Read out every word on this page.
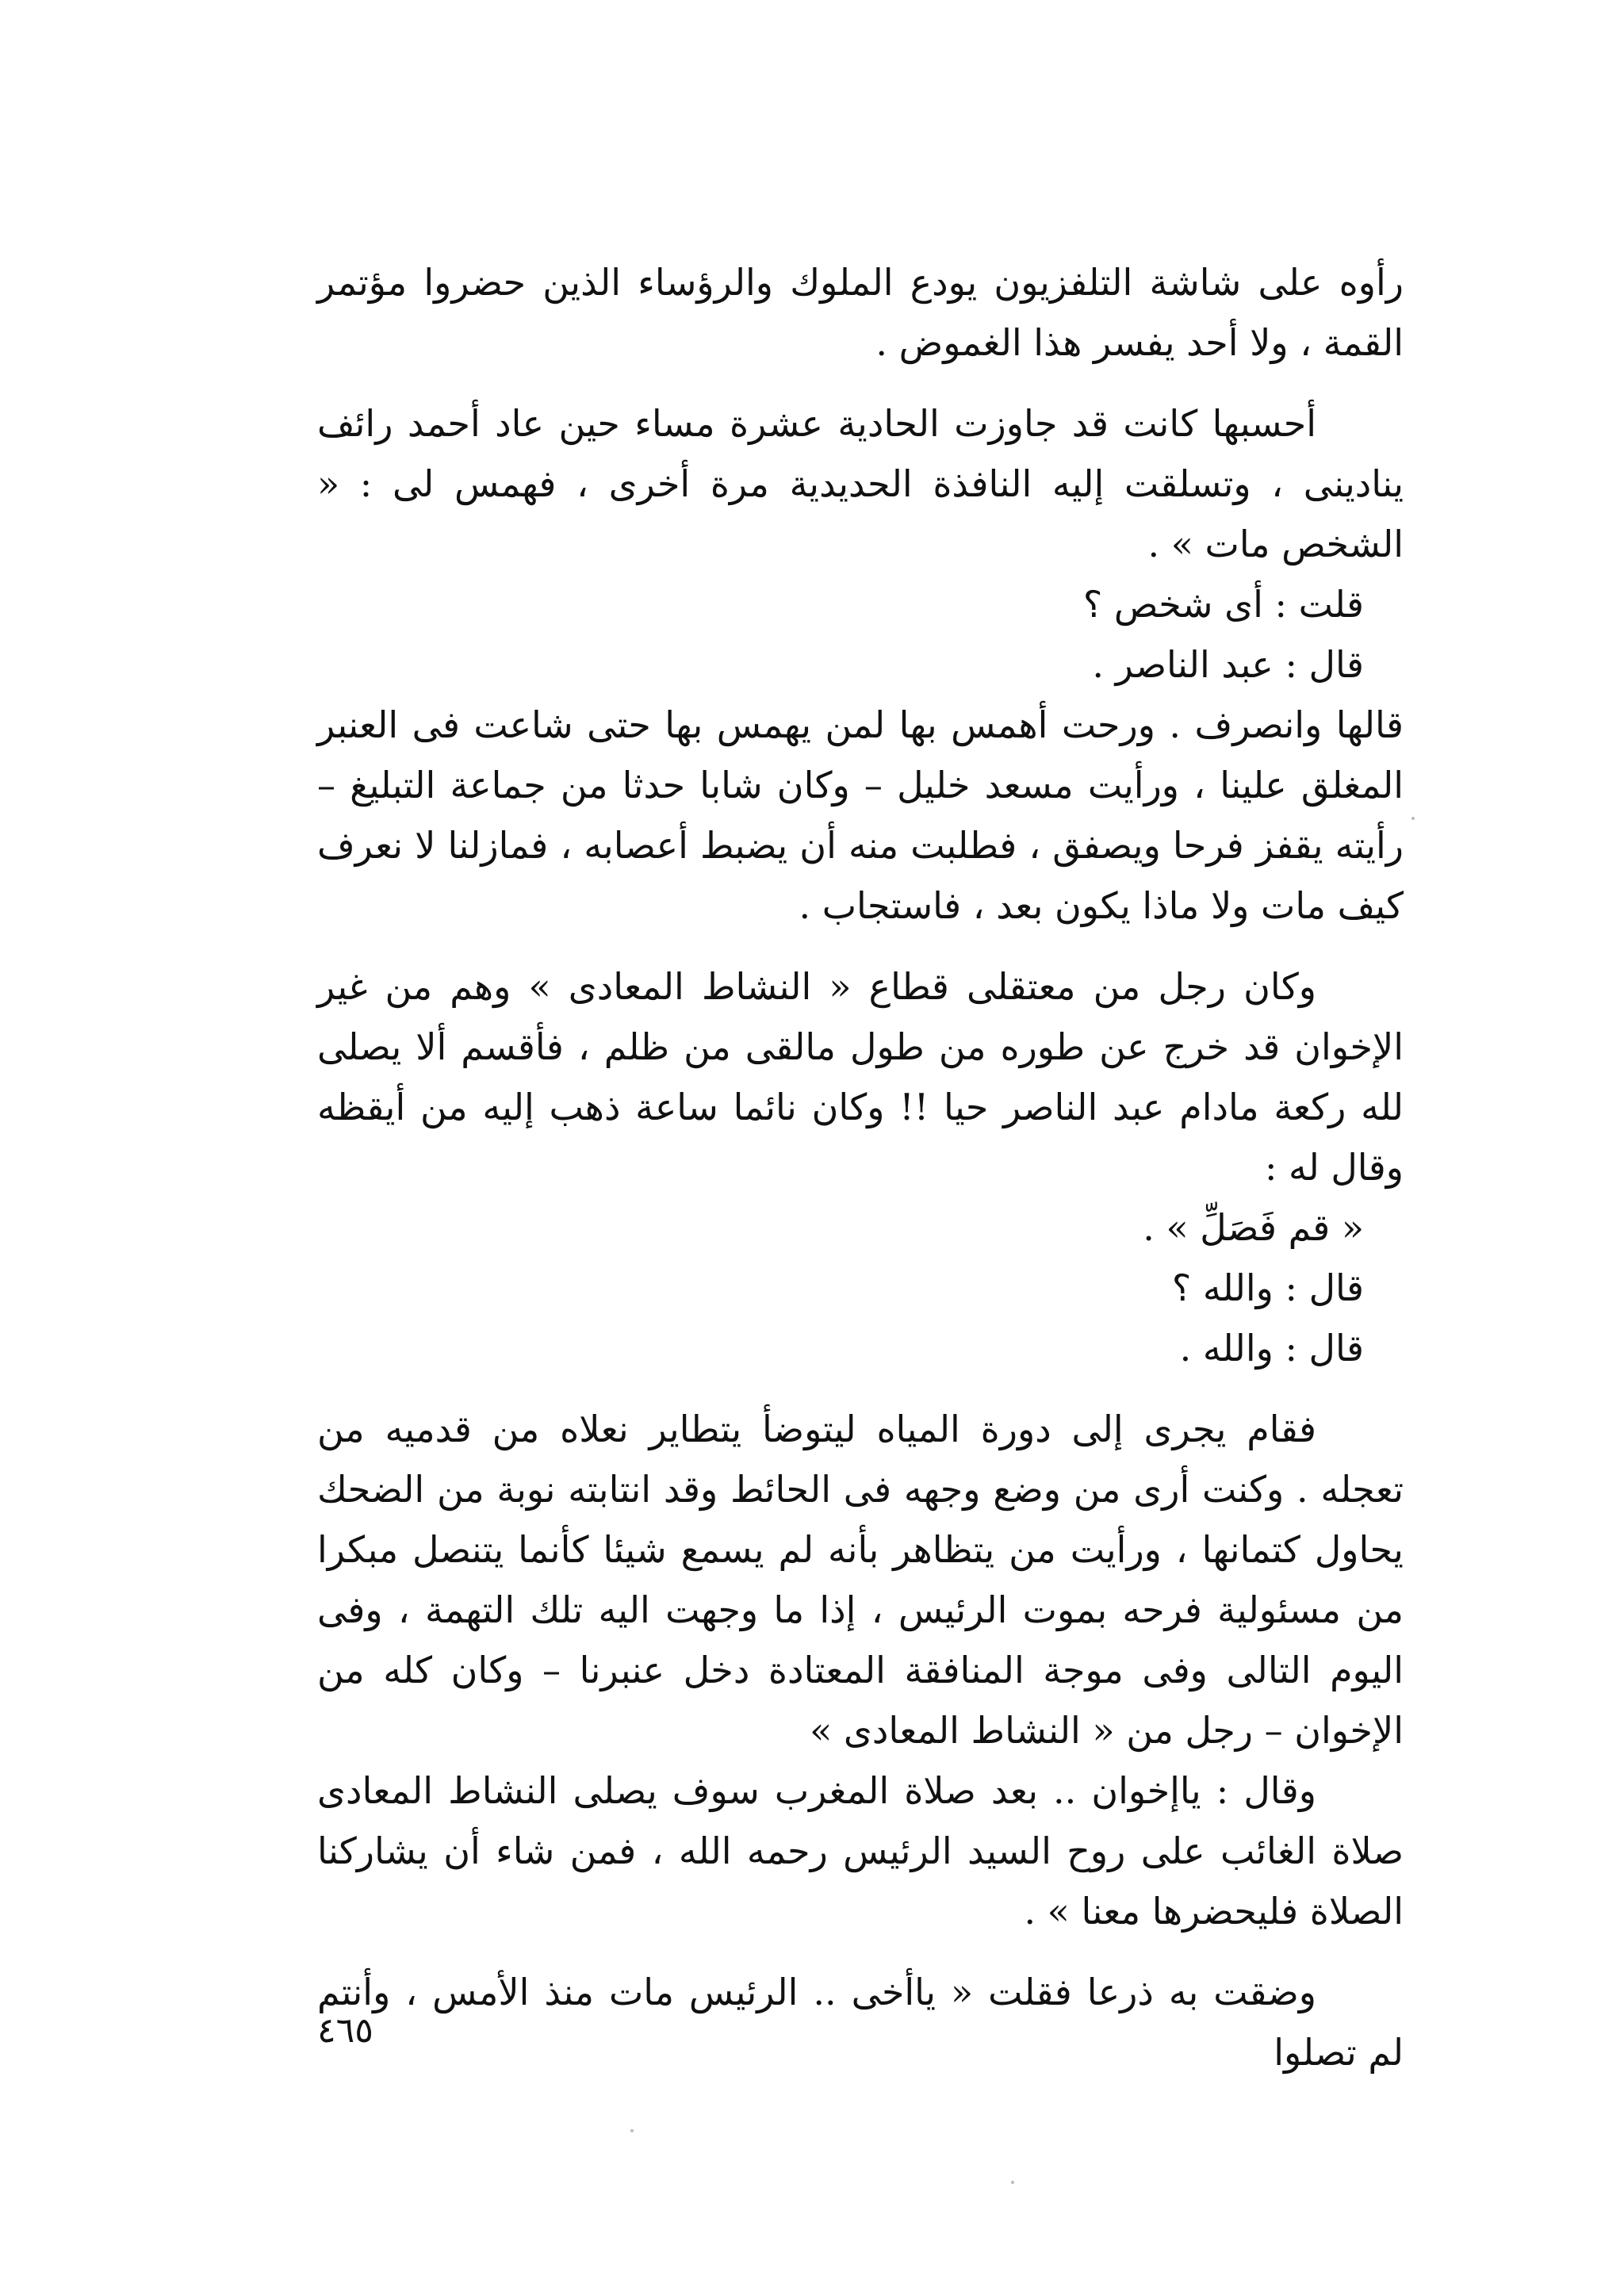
رأوه على شاشة التلفزيون يودع الملوك والرؤساء الذين حضروا مؤتمر القمة ، ولا أحد يفسر هذا الغموض .

أحسبها كانت قد جاوزت الحادية عشرة مساء حين عاد أحمد رائف ينادينى ، وتسلقت إليه النافذة الحديدية مرة أخرى ، فهمس لى : « الشخص مات » .

قلت : أى شخص ؟

قال : عبد الناصر .

قالها وانصرف . ورحت أهمس بها لمن يهمس بها حتى شاعت فى العنبر المغلق علينا ، ورأيت مسعد خليل – وكان شابا حدثا من جماعة التبليغ – رأيته يقفز فرحا ويصفق ، فطلبت منه أن يضبط أعصابه ، فمازلنا لا نعرف كيف مات ولا ماذا يكون بعد ، فاستجاب .

وكان رجل من معتقلى قطاع « النشاط المعادى » وهم من غير الإخوان قد خرج عن طوره من طول مالقى من ظلم ، فأقسم ألا يصلى لله ركعة مادام عبد الناصر حيا !! وكان نائما ساعة ذهب إليه من أيقظه وقال له :

« قم فَصَلِّ » .

قال : والله ؟

قال : والله .

فقام يجرى إلى دورة المياه ليتوضأ يتطاير نعلاه من قدميه من تعجله . وكنت أرى من وضع وجهه فى الحائط وقد انتابته نوبة من الضحك يحاول كتمانها ، ورأيت من يتظاهر بأنه لم يسمع شيئا كأنما يتنصل مبكرا من مسئولية فرحه بموت الرئيس ، إذا ما وجهت اليه تلك التهمة ، وفى اليوم التالى وفى موجة المنافقة المعتادة دخل عنبرنا – وكان كله من الإخوان – رجل من « النشاط المعادى »

وقال : ياإخوان .. بعد صلاة المغرب سوف يصلى النشاط المعادى صلاة الغائب على روح السيد الرئيس رحمه الله ، فمن شاء أن يشاركنا الصلاة فليحضرها معنا » .

وضقت به ذرعا فقلت « ياأخى .. الرئيس مات منذ الأمس ، وأنتم لم تصلوا

٤٦٥
